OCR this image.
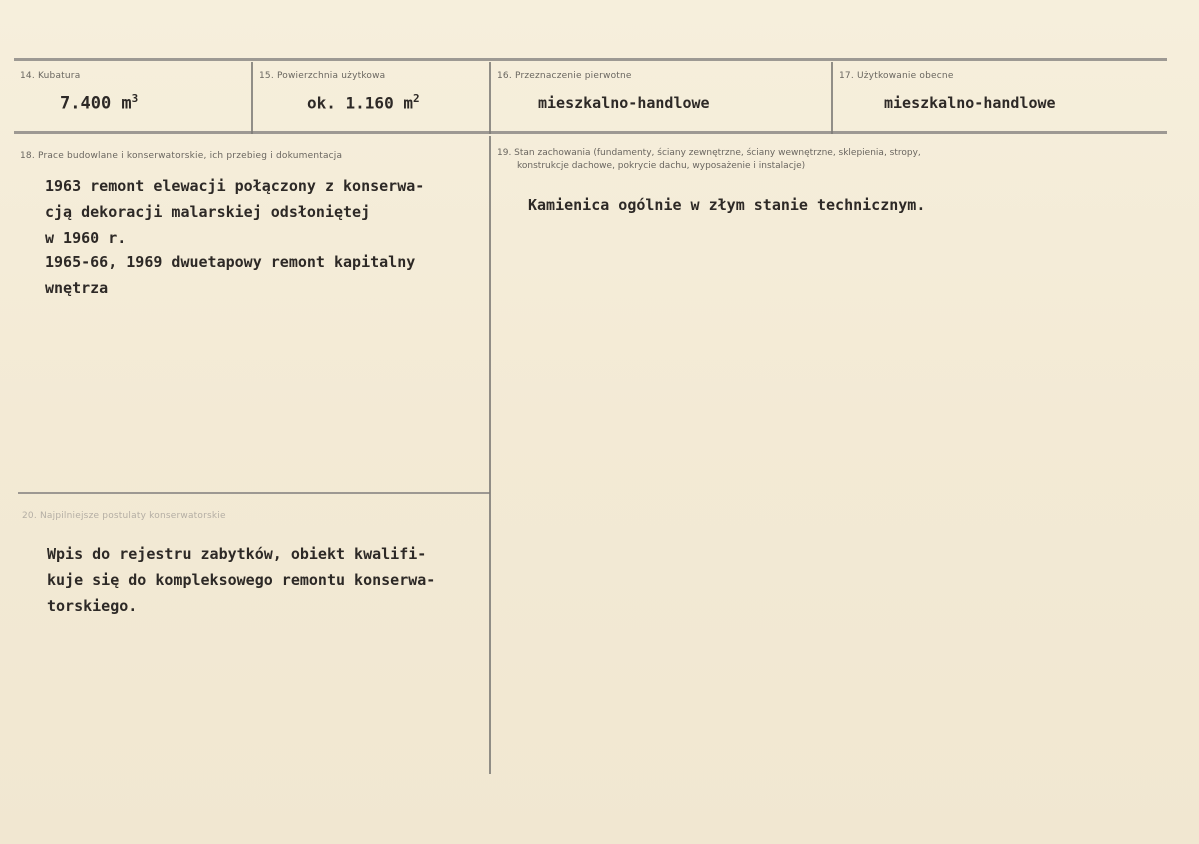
14. Kubatura
7.400 $m^3$
15. Powierzchnia użytkowa
ok. 1.160 $m^2$
16. Przeznaczenie pierwotne
mieszkalno-handlowe
17. Użytkowanie obecne
mieszkalno-handlowe
18. Prace budowlane i konserwatorskie, ich przebieg i dokumentacja
1963 remont elewacji połączony z konserwa-
cją dekoracji malarskiej odsłoniętej
w 1960 r.
1965-66, 1969 dwuetapowy remont kapitalny
wnętrza
19. Stan zachowania (fundamenty, ściany zewnętrzne, ściany wewnętrzne, sklepienia, stropy,
konstrukcje dachowe, pokrycie dachu, wyposażenie i instalacje)
Kamienica ogólnie w złym stanie technicznym.
20. Najpilniejsze postulaty konserwatorskie
Wpis do rejestru zabytków, obiekt kwalifi-
kuje się do kompleksowego remontu konserwa-
torskiego.
